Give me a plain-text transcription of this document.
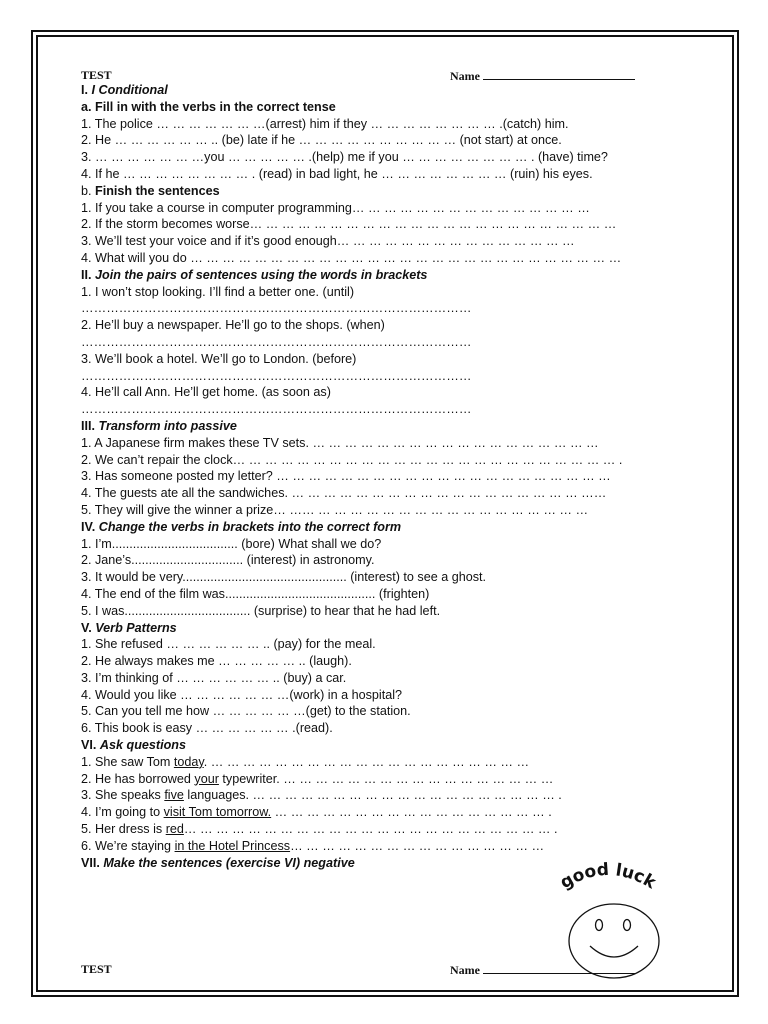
TEST	Name
I. I Conditional
a. Fill in with the verbs in the correct tense
1. The police … … … … … … …(arrest) him if they … … … … … … … … .(catch) him.
2. He … … … … … … .. (be) late if he … … … … … … … … … … (not start) at once.
3. … … … … … … …you … … … … … .(help) me if you … … … … … … … … . (have) time?
4. If he … … … … … … … … . (read) in bad light, he … … … … … … … … (ruin) his eyes.
b. Finish the sentences
1. If you take a course in computer programming… … … … … … … … … … … … … … …
2. If the storm becomes worse… … … … … … … … … … … … … … … … … … … … … … …
3. We’ll test your voice and if it’s good enough… … … … … … … … … … … … … … …
4. What will you do … … … … … … … … … … … … … … … … … … … … … … … … … … …
II. Join the pairs of sentences using the words in brackets
1. I won’t stop looking. I’ll find a better one. (until)
…………………………………………………………………………………
2. He’ll buy a newspaper. He’ll go to the shops. (when)
…………………………………………………………………………………
3. We’ll book a hotel. We’ll go to London. (before)
…………………………………………………………………………………
4. He’ll call Ann. He’ll get home. (as soon as)
…………………………………………………………………………………
III. Transform into passive
1. A Japanese firm makes these TV sets. … … … … … … … … … … … … … … … … … …
2. We can’t repair the clock… … … … … … … … … … … … … … … … … … … … … … … … .
3. Has someone posted my letter? … … … … … … … … … … … … … … … … … … … … …
4. The guests ate all the sandwiches. … … … … … … … … … … … … … … … … … … ……
5. They will give the winner a prize… …… … … … … … … … … … … … … … … … … …
IV. Change the verbs in brackets into the correct form
1. I’m.................................... (bore) What shall we do?
2. Jane’s................................ (interest) in astronomy.
3. It would be very............................................... (interest) to see a ghost.
4. The end of the film was........................................... (frighten)
5. I was.................................... (surprise) to hear that he had left.
V. Verb Patterns
1. She refused … … … … … … .. (pay) for the meal.
2. He always makes me … … … … … .. (laugh).
3. I’m thinking of … … … … … … .. (buy) a car.
4. Would you like … … … … … … …(work) in a hospital?
5. Can you tell me how … … … … … …(get) to the station.
6. This book is easy … … … … … … .(read).
VI. Ask questions
1. She saw Tom today. … … … … … … … … … … … … … … … … … … … …
2. He has borrowed your typewriter. … … … … … … … … … … … … … … … … …
3. She speaks five languages. … … … … … … … … … … … … … … … … … … … .
4. I’m going to visit Tom tomorrow. … … … … … … … … … … … … … … … … … .
5. Her dress is red… … … … … … … … … … … … … … … … … … … … … … … .
6. We’re staying in the Hotel Princess… … … … … … … … … … … … … … … …
VII. Make the sentences (exercise VI) negative
good luck
TEST	Name
